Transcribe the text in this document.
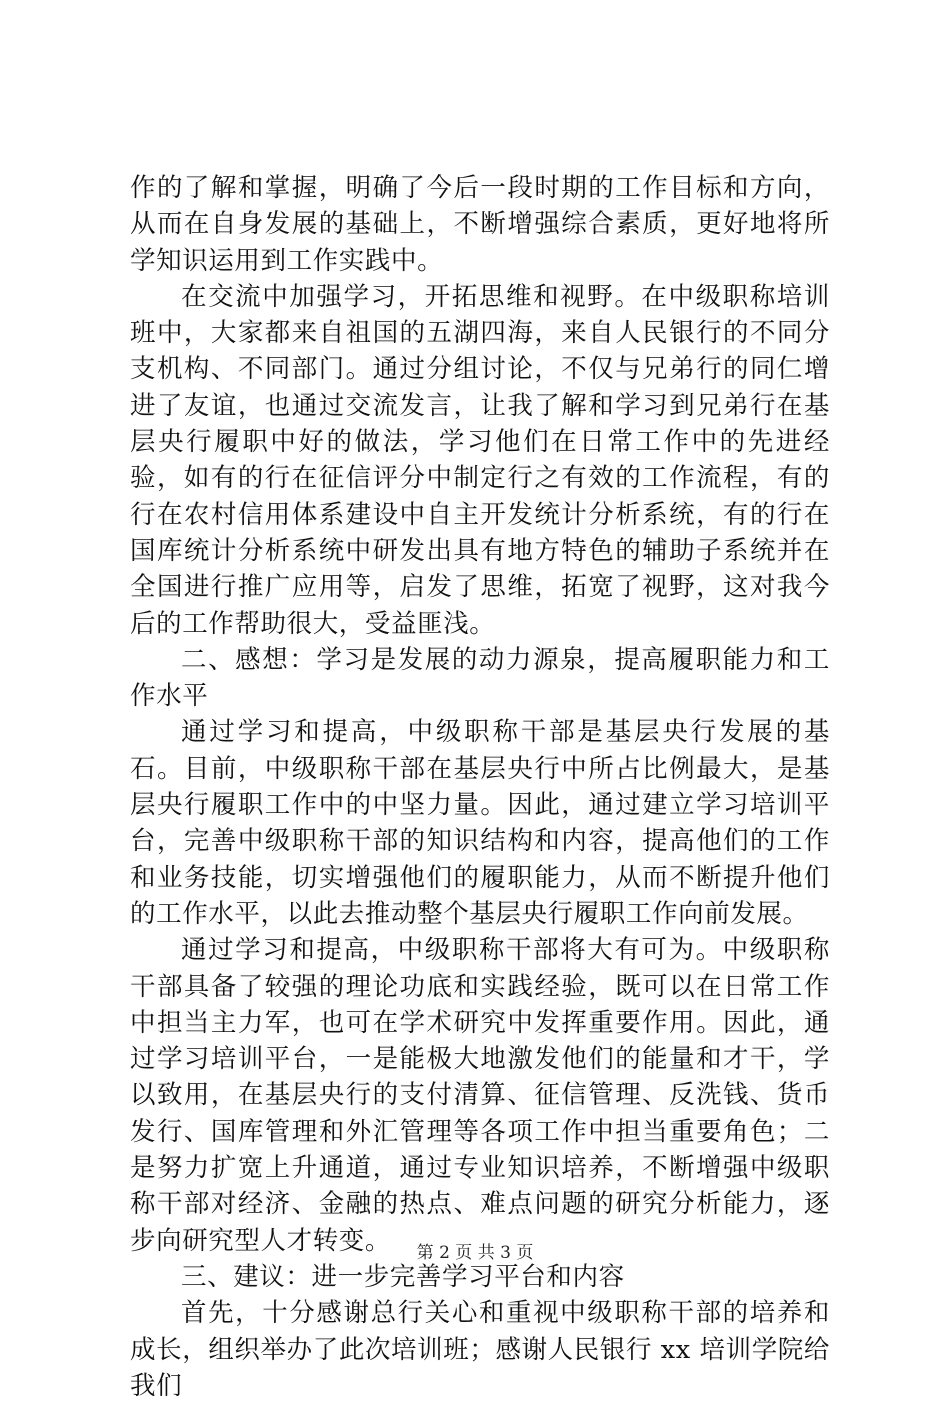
作的了解和掌握，明确了今后一段时期的工作目标和方向，从而在自身发展的基础上，不断增强综合素质，更好地将所学知识运用到工作实践中。

在交流中加强学习，开拓思维和视野。在中级职称培训班中，大家都来自祖国的五湖四海，来自人民银行的不同分支机构、不同部门。通过分组讨论，不仅与兄弟行的同仁增进了友谊，也通过交流发言，让我了解和学习到兄弟行在基层央行履职中好的做法，学习他们在日常工作中的先进经验，如有的行在征信评分中制定行之有效的工作流程，有的行在农村信用体系建设中自主开发统计分析系统，有的行在国库统计分析系统中研发出具有地方特色的辅助子系统并在全国进行推广应用等，启发了思维，拓宽了视野，这对我今后的工作帮助很大，受益匪浅。

二、感想：学习是发展的动力源泉，提高履职能力和工作水平

通过学习和提高，中级职称干部是基层央行发展的基石。目前，中级职称干部在基层央行中所占比例最大，是基层央行履职工作中的中坚力量。因此，通过建立学习培训平台，完善中级职称干部的知识结构和内容，提高他们的工作和业务技能，切实增强他们的履职能力，从而不断提升他们的工作水平，以此去推动整个基层央行履职工作向前发展。

通过学习和提高，中级职称干部将大有可为。中级职称干部具备了较强的理论功底和实践经验，既可以在日常工作中担当主力军，也可在学术研究中发挥重要作用。因此，通过学习培训平台，一是能极大地激发他们的能量和才干，学以致用，在基层央行的支付清算、征信管理、反洗钱、货币发行、国库管理和外汇管理等各项工作中担当重要角色；二是努力扩宽上升通道，通过专业知识培养，不断增强中级职称干部对经济、金融的热点、难点问题的研究分析能力，逐步向研究型人才转变。

三、建议：进一步完善学习平台和内容

首先，十分感谢总行关心和重视中级职称干部的培养和成长，组织举办了此次培训班；感谢人民银行 xx 培训学院给我们

第 2 页 共 3 页
